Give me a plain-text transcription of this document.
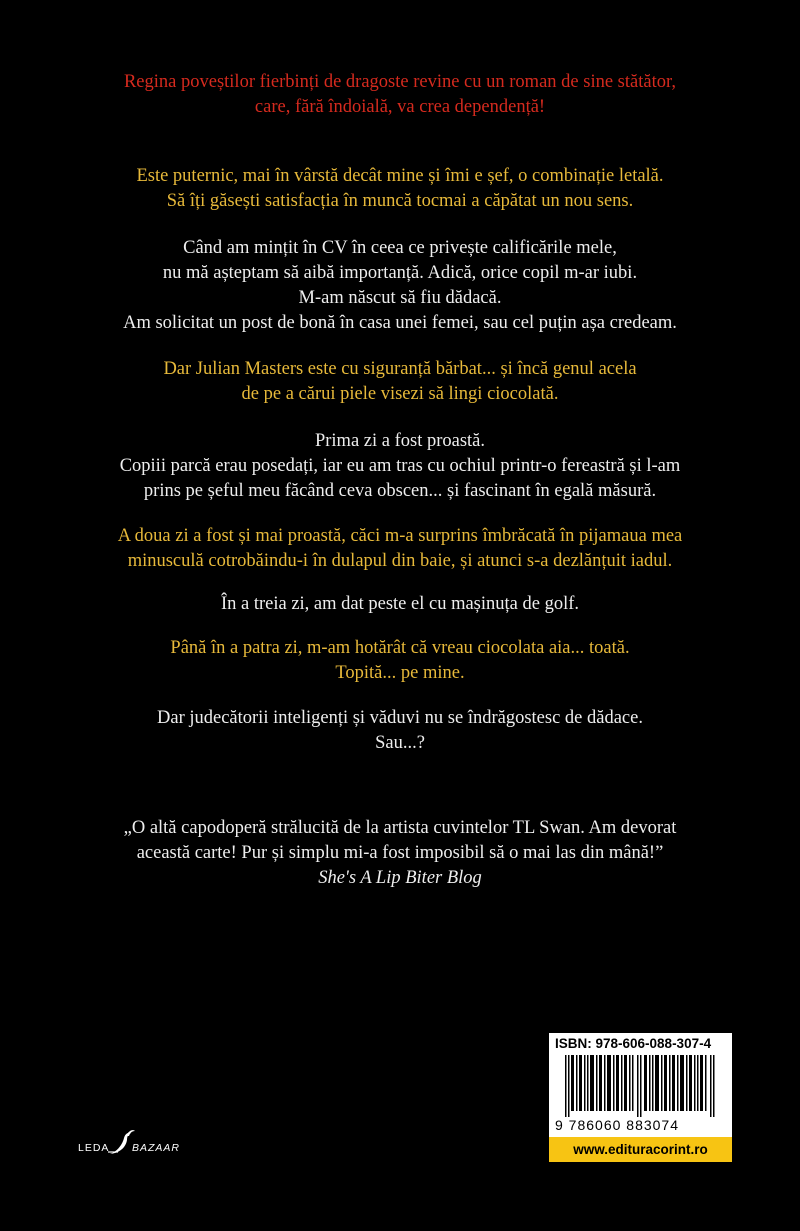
Regina poveștilor fierbinți de dragoste revine cu un roman de sine stătător,
care, fără îndoială, va crea dependență!
Este puternic, mai în vârstă decât mine și îmi e șef, o combinație letală.
Să îți găsești satisfacția în muncă tocmai a căpătat un nou sens.
Când am mințit în CV în ceea ce privește calificările mele,
nu mă așteptam să aibă importanță. Adică, orice copil m-ar iubi.
M-am născut să fiu dădacă.
Am solicitat un post de bonă în casa unei femei, sau cel puțin așa credeam.
Dar Julian Masters este cu siguranță bărbat... și încă genul acela
de pe a cărui piele visezi să lingi ciocolată.
Prima zi a fost proastă.
Copiii parcă erau posedați, iar eu am tras cu ochiul printr-o fereastră și l-am
prins pe șeful meu făcând ceva obscen... și fascinant în egală măsură.
A doua zi a fost și mai proastă, căci m-a surprins îmbrăcată în pijamaua mea
minusculă cotrobăindu-i în dulapul din baie, și atunci s-a dezlănțuit iadul.
În a treia zi, am dat peste el cu mașinuța de golf.
Până în a patra zi, m-am hotărât că vreau ciocolata aia... toată.
Topită... pe mine.
Dar judecătorii inteligenți și văduvi nu se îndrăgostesc de dădace.
Sau...?
„O altă capodoperă strălucită de la artista cuvintelor TL Swan. Am devorat
această carte! Pur și simplu mi-a fost imposibil să o mai las din mână!”
She's A Lip Biter Blog
LEDA BAZAAR
ISBN: 978-606-088-307-4
9 786060 883074
www.edituracorint.ro
